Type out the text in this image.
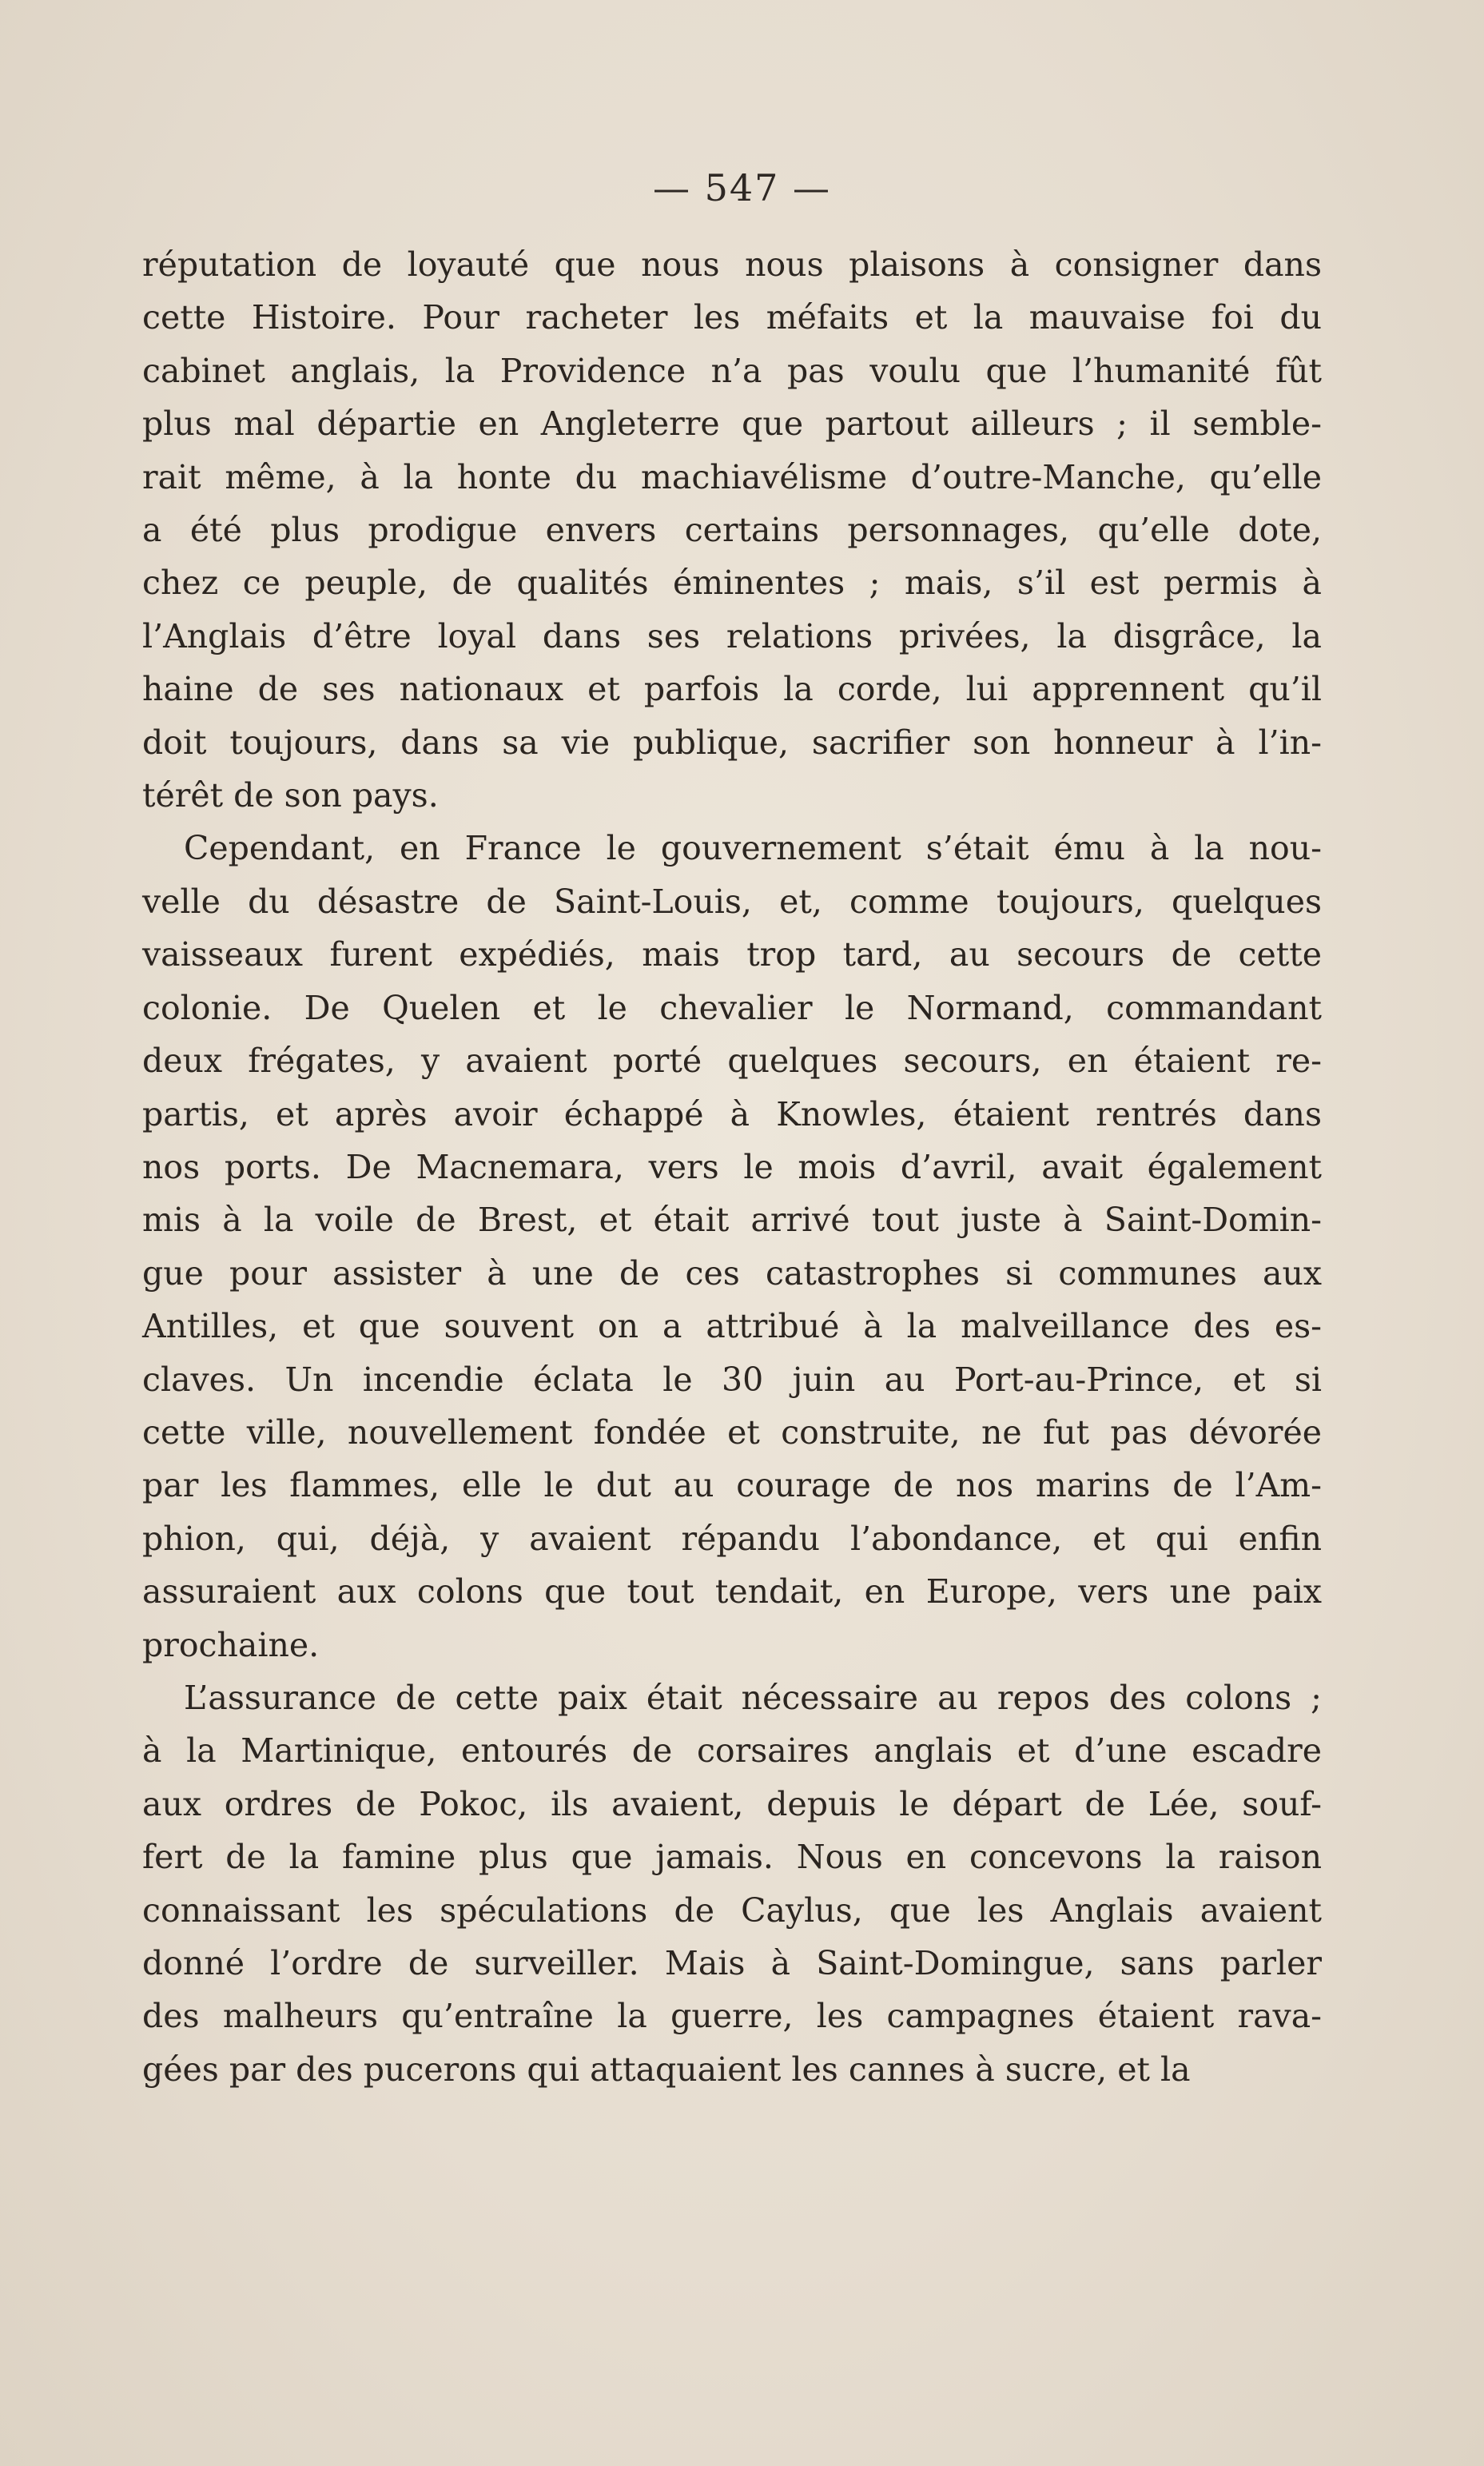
— 547 —

réputation de loyauté que nous nous plaisons à consigner dans
cette Histoire. Pour racheter les méfaits et la mauvaise foi du
cabinet anglais, la Providence n’a pas voulu que l’humanité fût
plus mal départie en Angleterre que partout ailleurs ; il semble-
rait même, à la honte du machiavélisme d’outre-Manche, qu’elle
a été plus prodigue envers certains personnages, qu’elle dote,
chez ce peuple, de qualités éminentes ; mais, s’il est permis à
l’Anglais d’être loyal dans ses relations privées, la disgrâce, la
haine de ses nationaux et parfois la corde, lui apprennent qu’il
doit toujours, dans sa vie publique, sacrifier son honneur à l’in-
térêt de son pays.

Cependant, en France le gouvernement s’était ému à la nou-
velle du désastre de Saint-Louis, et, comme toujours, quelques
vaisseaux furent expédiés, mais trop tard, au secours de cette
colonie. De Quelen et le chevalier le Normand, commandant
deux frégates, y avaient porté quelques secours, en étaient re-
partis, et après avoir échappé à Knowles, étaient rentrés dans
nos ports. De Macnemara, vers le mois d’avril, avait également
mis à la voile de Brest, et était arrivé tout juste à Saint-Domin-
gue pour assister à une de ces catastrophes si communes aux
Antilles, et que souvent on a attribué à la malveillance des es-
claves. Un incendie éclata le 30 juin au Port-au-Prince, et si
cette ville, nouvellement fondée et construite, ne fut pas dévorée
par les flammes, elle le dut au courage de nos marins de l’Am-
phion, qui, déjà, y avaient répandu l’abondance, et qui enfin
assuraient aux colons que tout tendait, en Europe, vers une paix
prochaine.

L’assurance de cette paix était nécessaire au repos des colons ;
à la Martinique, entourés de corsaires anglais et d’une escadre
aux ordres de Pokoc, ils avaient, depuis le départ de Lée, souf-
fert de la famine plus que jamais. Nous en concevons la raison
connaissant les spéculations de Caylus, que les Anglais avaient
donné l’ordre de surveiller. Mais à Saint-Domingue, sans parler
des malheurs qu’entraîne la guerre, les campagnes étaient rava-
gées par des pucerons qui attaquaient les cannes à sucre, et la
